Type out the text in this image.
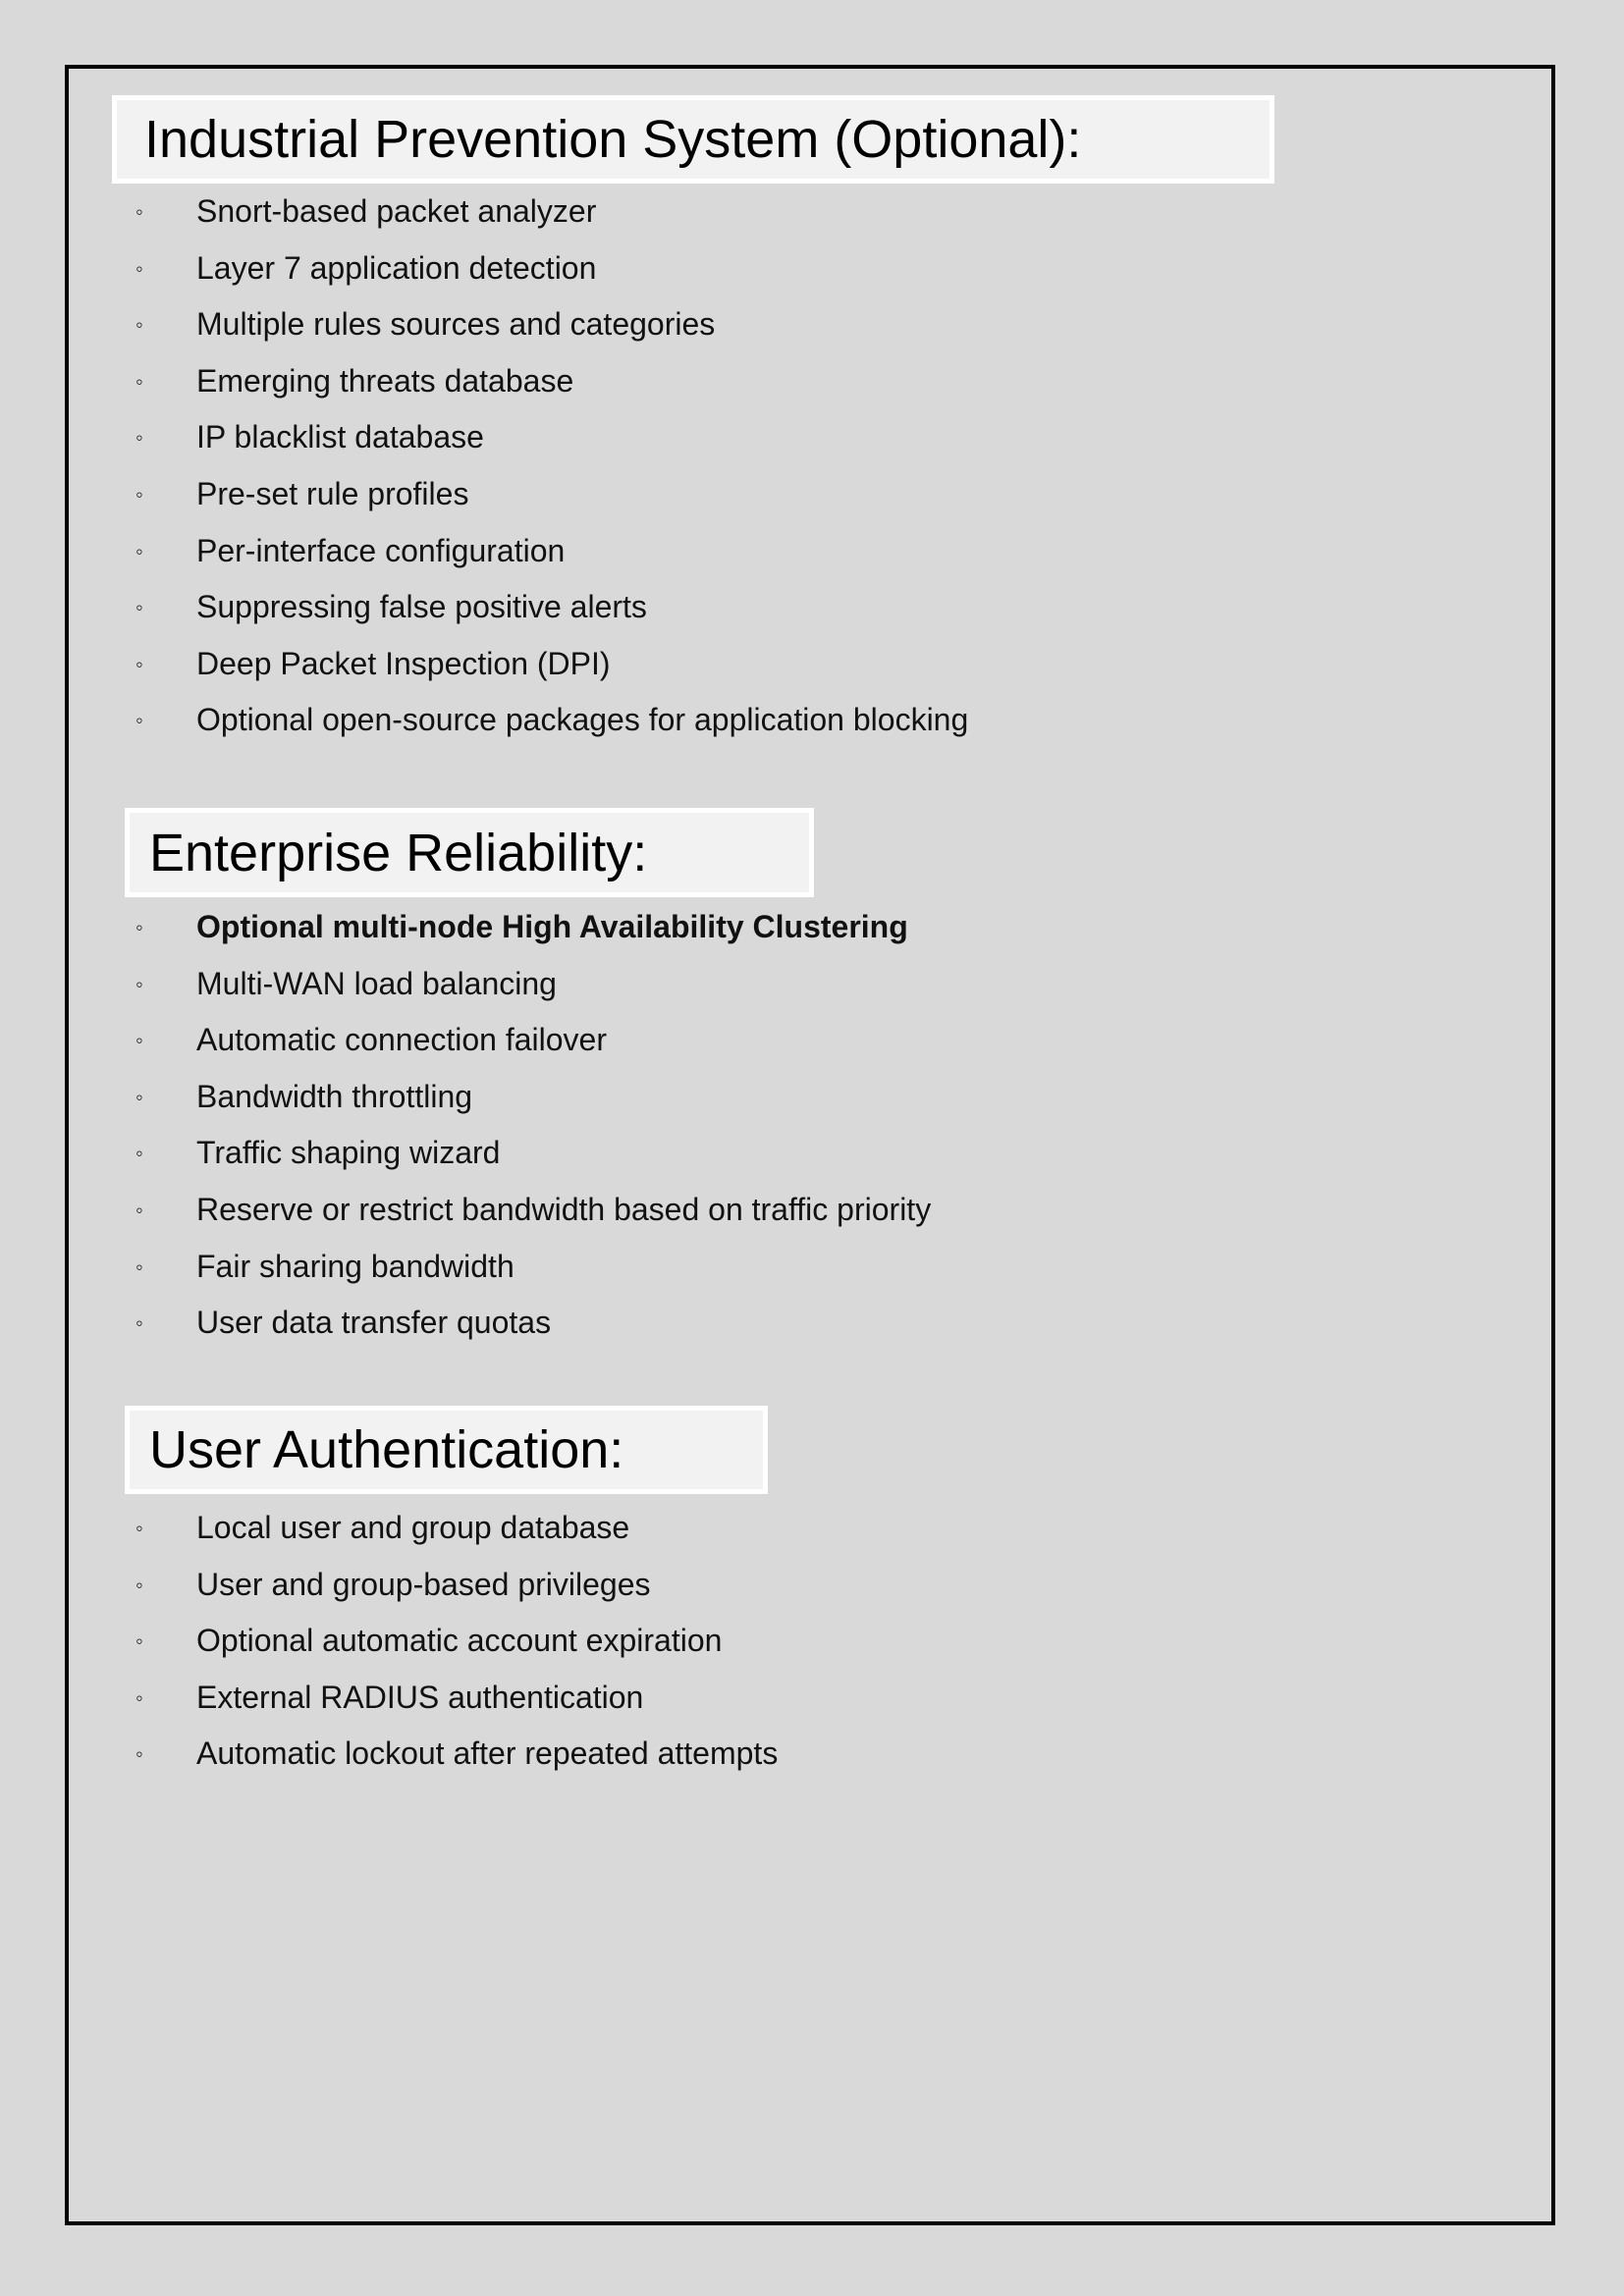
Industrial Prevention System (Optional):
◦ Snort-based packet analyzer
◦ Layer 7 application detection
◦ Multiple rules sources and categories
◦ Emerging threats database
◦ IP blacklist database
◦ Pre-set rule profiles
◦ Per-interface configuration
◦ Suppressing false positive alerts
◦ Deep Packet Inspection (DPI)
◦ Optional open-source packages for application blocking
Enterprise Reliability:
◦ Optional multi-node High Availability Clustering
◦ Multi-WAN load balancing
◦ Automatic connection failover
◦ Bandwidth throttling
◦ Traffic shaping wizard
◦ Reserve or restrict bandwidth based on traffic priority
◦ Fair sharing bandwidth
◦ User data transfer quotas
User Authentication:
◦ Local user and group database
◦ User and group-based privileges
◦ Optional automatic account expiration
◦ External RADIUS authentication
◦ Automatic lockout after repeated attempts
